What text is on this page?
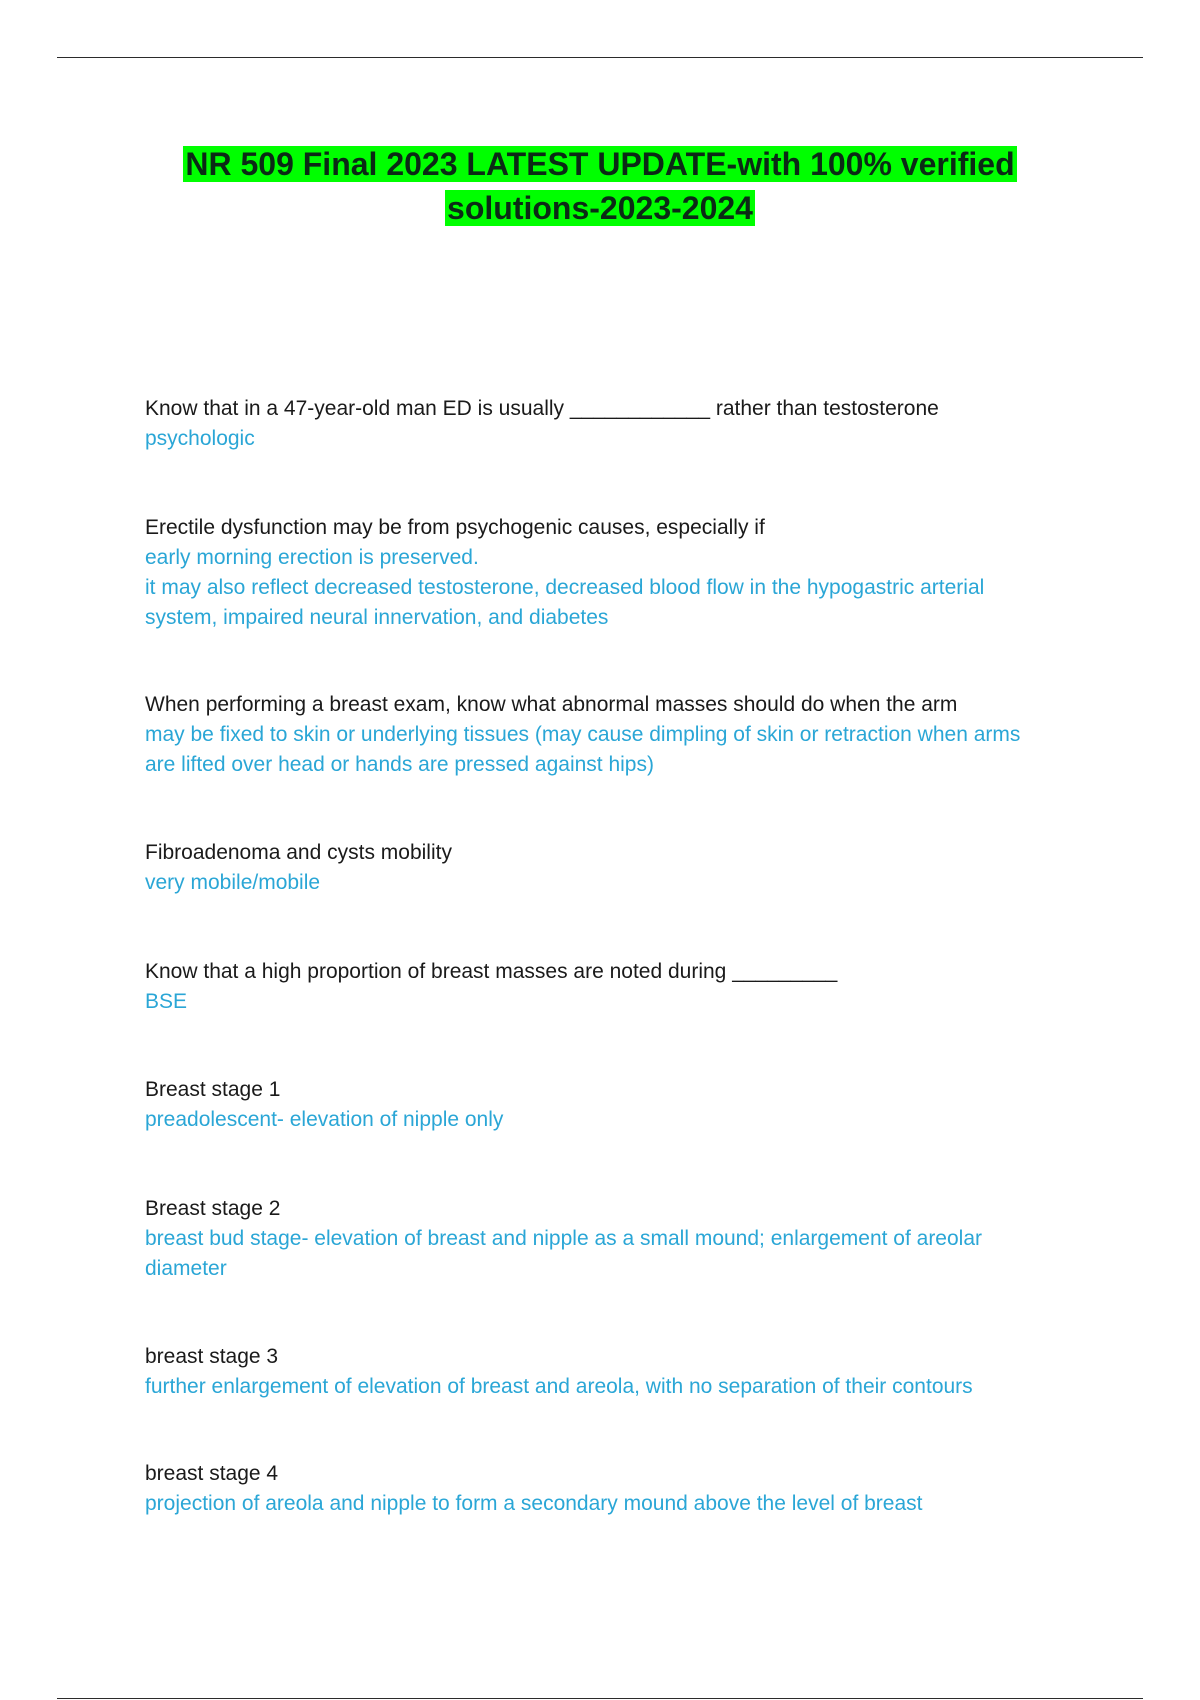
NR 509 Final 2023 LATEST UPDATE-with 100% verified
solutions-2023-2024

Know that in a 47-year-old man ED is usually ____________ rather than testosterone

psychologic

Erectile dysfunction may be from psychogenic causes, especially if

early morning erection is preserved.

it may also reflect decreased testosterone, decreased blood flow in the hypogastric arterial system, impaired neural innervation, and diabetes

When performing a breast exam, know what abnormal masses should do when the arm

may be fixed to skin or underlying tissues (may cause dimpling of skin or retraction when arms are lifted over head or hands are pressed against hips)

Fibroadenoma and cysts mobility

very mobile/mobile

Know that a high proportion of breast masses are noted during _________

BSE

Breast stage 1

preadolescent- elevation of nipple only

Breast stage 2

breast bud stage- elevation of breast and nipple as a small mound; enlargement of areolar diameter

breast stage 3

further enlargement of elevation of breast and areola, with no separation of their contours

breast stage 4

projection of areola and nipple to form a secondary mound above the level of breast
